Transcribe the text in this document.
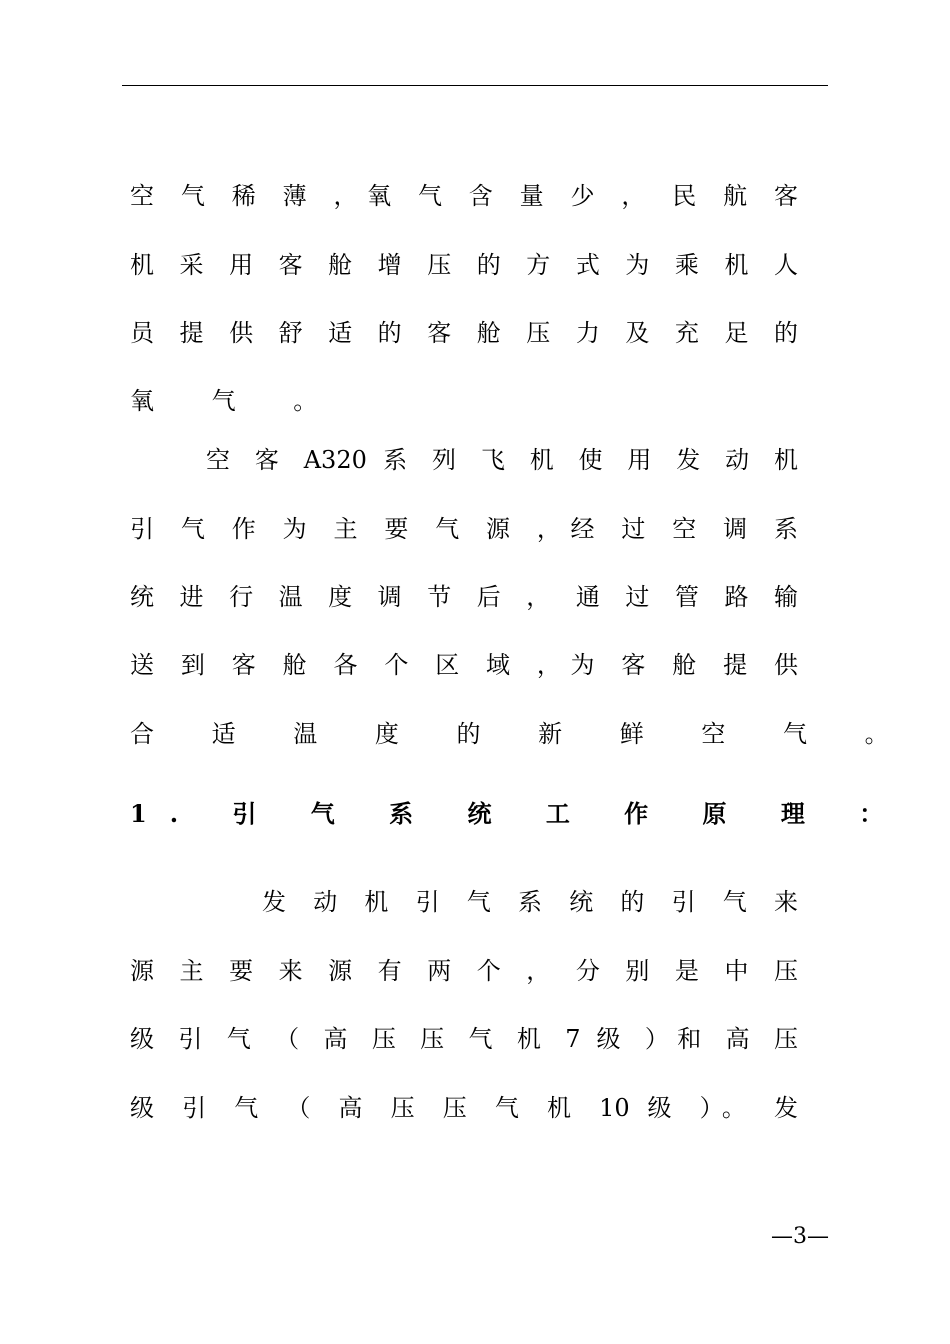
空 气 稀 薄 ，氧 气 含 量 少 ， 民 航 客
机 采 用 客 舱 增 压 的 方 式 为 乘 机 人
员 提 供 舒 适 的 客 舱 压 力 及 充 足 的
氧 气 。
空 客 A320 系 列 飞 机 使 用 发 动 机
引 气 作 为 主 要 气 源 ，经 过 空 调 系
统 进 行 温 度 调 节 后 ， 通 过 管 路 输
送 到 客 舱 各 个 区 域 ，为 客 舱 提 供
合 适 温 度 的 新 鲜 空 气 。
1. 引 气 系 统 工 作 原 理 ：
发 动 机 引 气 系 统 的 引 气 来
源 主 要 来 源 有 两 个 ， 分 别 是 中 压
级 引 气 （ 高 压 压 气 机 7 级 ）和 高 压
级 引 气 （ 高 压 压 气 机 10 级 ）。 发
—3—
